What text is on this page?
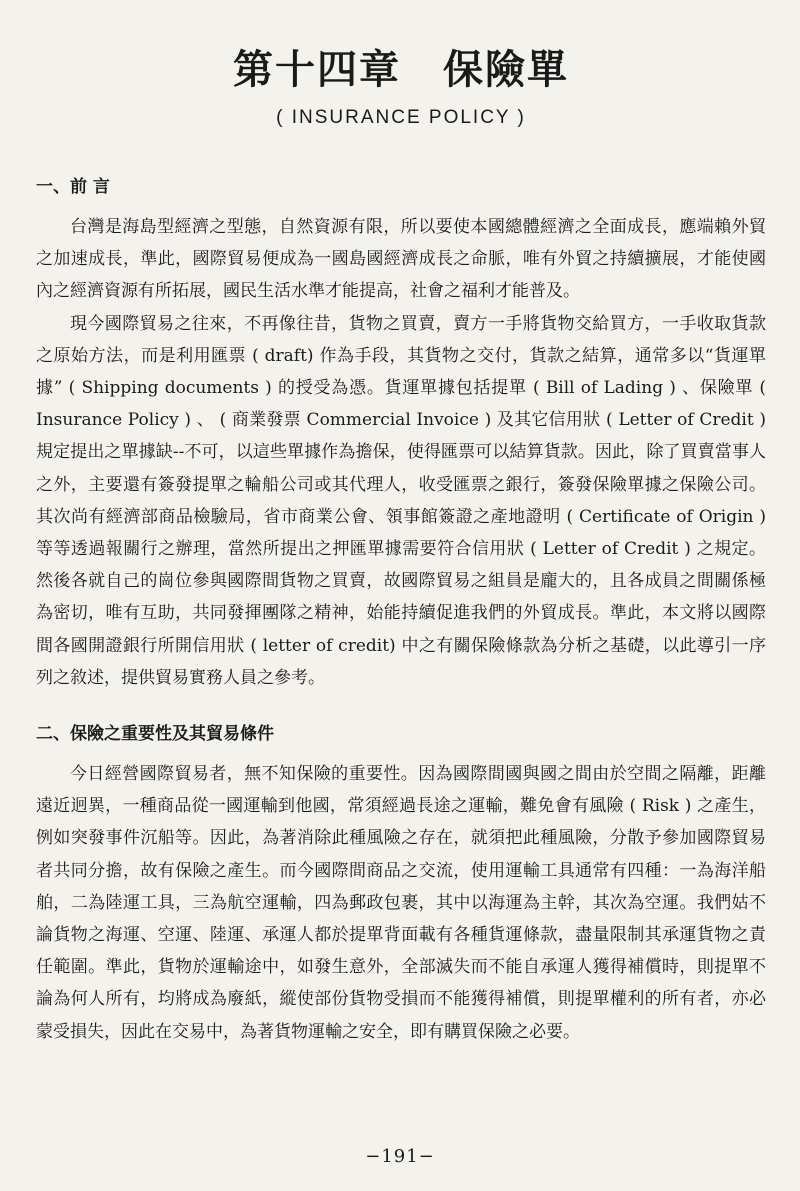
第十四章　保險單
( INSURANCE POLICY )
一、前 言

台灣是海島型經濟之型態，自然資源有限，所以要使本國總體經濟之全面成長，應端賴外貿之加速成長，準此，國際貿易便成為一國島國經濟成長之命脈，唯有外貿之持續擴展，才能使國內之經濟資源有所拓展，國民生活水準才能提高，社會之福利才能普及。

現今國際貿易之往來，不再像往昔，貨物之買賣，賣方一手將貨物交給買方，一手收取貨款之原始方法，而是利用匯票 ( draft) 作為手段，其貨物之交付，貨款之結算，通常多以“貨運單據” ( Shipping documents ) 的授受為憑。貨運單據包括提單 ( Bill of Lading ) 、保險單 ( Insurance Policy ) 、 ( 商業發票 Commercial Invoice ) 及其它信用狀 ( Letter of Credit ) 規定提出之單據缺--不可，以這些單據作為擔保，使得匯票可以結算貨款。因此，除了買賣當事人之外，主要還有簽發提單之輪船公司或其代理人，收受匯票之銀行，簽發保險單據之保險公司。其次尚有經濟部商品檢驗局，省市商業公會、領事館簽證之產地證明 ( Certificate of Origin ) 等等透過報關行之辦理，當然所提出之押匯單據需要符合信用狀 ( Letter of Credit ) 之規定。然後各就自己的崗位參與國際間貨物之買賣，故國際貿易之組員是龐大的，且各成員之間關係極為密切，唯有互助，共同發揮團隊之精神，始能持續促進我們的外貿成長。準此，本文將以國際間各國開證銀行所開信用狀 ( letter of credit) 中之有關保險條款為分析之基礎，以此導引一序列之敘述，提供貿易實務人員之參考。

二、保險之重要性及其貿易條件

今日經營國際貿易者，無不知保險的重要性。因為國際間國與國之間由於空間之隔離，距離遠近迥異，一種商品從一國運輸到他國，常須經過長途之運輸，難免會有風險 ( Risk ) 之產生，例如突發事件沉船等。因此，為著消除此種風險之存在，就須把此種風險，分散予參加國際貿易者共同分擔，故有保險之產生。而今國際間商品之交流，使用運輸工具通常有四種：一為海洋船舶，二為陸運工具，三為航空運輸，四為郵政包裹，其中以海運為主幹，其次為空運。我們姑不論貨物之海運、空運、陸運、承運人都於提單背面載有各種貨運條款，盡量限制其承運貨物之責任範圍。準此，貨物於運輸途中，如發生意外，全部滅失而不能自承運人獲得補償時，則提單不論為何人所有，均將成為廢紙，縱使部份貨物受損而不能獲得補償，則提單權利的所有者，亦必蒙受損失，因此在交易中，為著貨物運輸之安全，即有購買保險之必要。

−191−
